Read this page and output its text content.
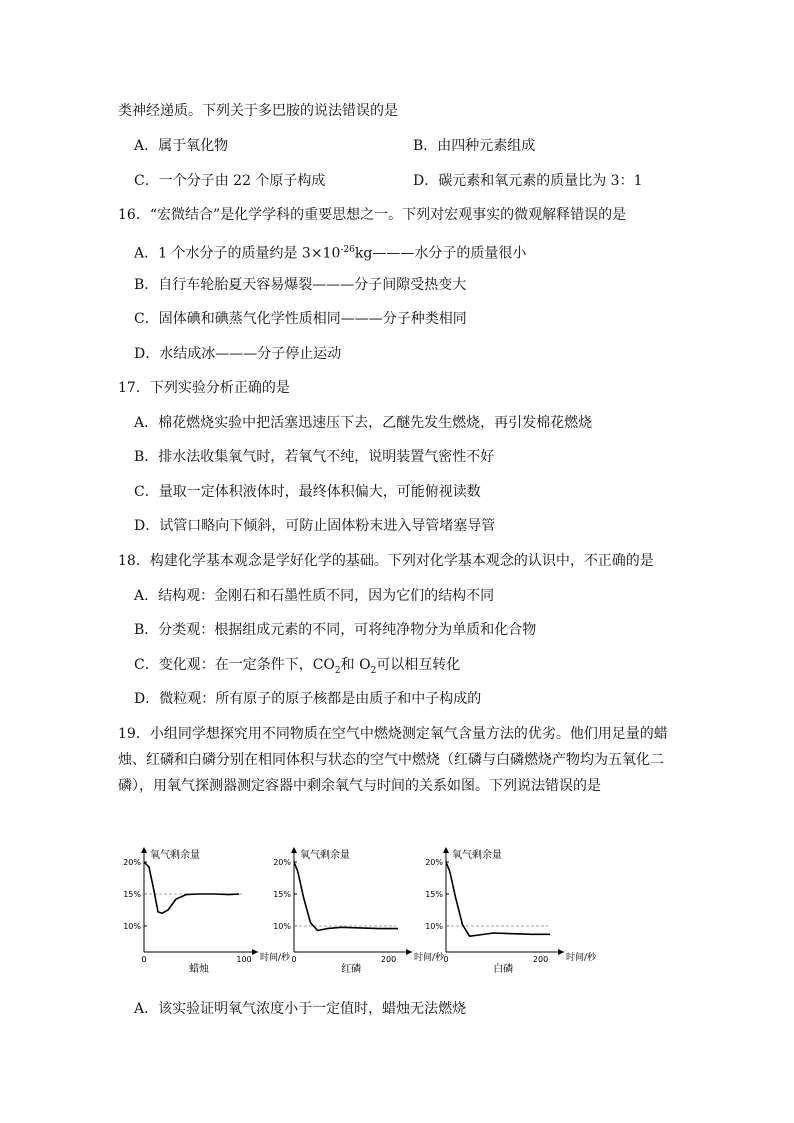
类神经递质。下列关于多巴胺的说法错误的是
A．属于氧化物	B．由四种元素组成
C．一个分子由 22 个原子构成	D．碳元素和氧元素的质量比为 3：1
16．“宏微结合”是化学学科的重要思想之一。下列对宏观事实的微观解释错误的是
A．1 个水分子的质量约是 $3\times 10^{-26}kg———$水分子的质量很小
B．自行车轮胎夏天容易爆裂———分子间隙受热变大
C．固体碘和碘蒸气化学性质相同———分子种类相同
D．水结成冰———分子停止运动
17．下列实验分析正确的是
A．棉花燃烧实验中把活塞迅速压下去，乙醚先发生燃烧，再引发棉花燃烧
B．排水法收集氧气时，若氧气不纯，说明装置气密性不好
C．量取一定体积液体时，最终体积偏大，可能俯视读数
D．试管口略向下倾斜，可防止固体粉末进入导管堵塞导管
18．构建化学基本观念是学好化学的基础。下列对化学基本观念的认识中，不正确的是
A．结构观：金刚石和石墨性质不同，因为它们的结构不同
B．分类观：根据组成元素的不同，可将纯净物分为单质和化合物
C．变化观：在一定条件下，$CO_2$和 $O_2$可以相互转化
D．微粒观：所有原子的原子核都是由质子和中子构成的
19．小组同学想探究用不同物质在空气中燃烧测定氧气含量方法的优劣。他们用足量的蜡
烛、红磷和白磷分别在相同体积与状态的空气中燃烧（红磷与白磷燃烧产物均为五氧化二
磷），用氧气探测器测定容器中剩余氧气与时间的关系如图。下列说法错误的是
氧气剩余量
时间/秒
20%
15%
10%
0	100
蜡烛
氧气剩余量
时间/秒
20%
15%
10%
0	200
红磷
氧气剩余量
时间/秒
20%
15%
10%
0	200
白磷
A．该实验证明氧气浓度小于一定值时，蜡烛无法燃烧
